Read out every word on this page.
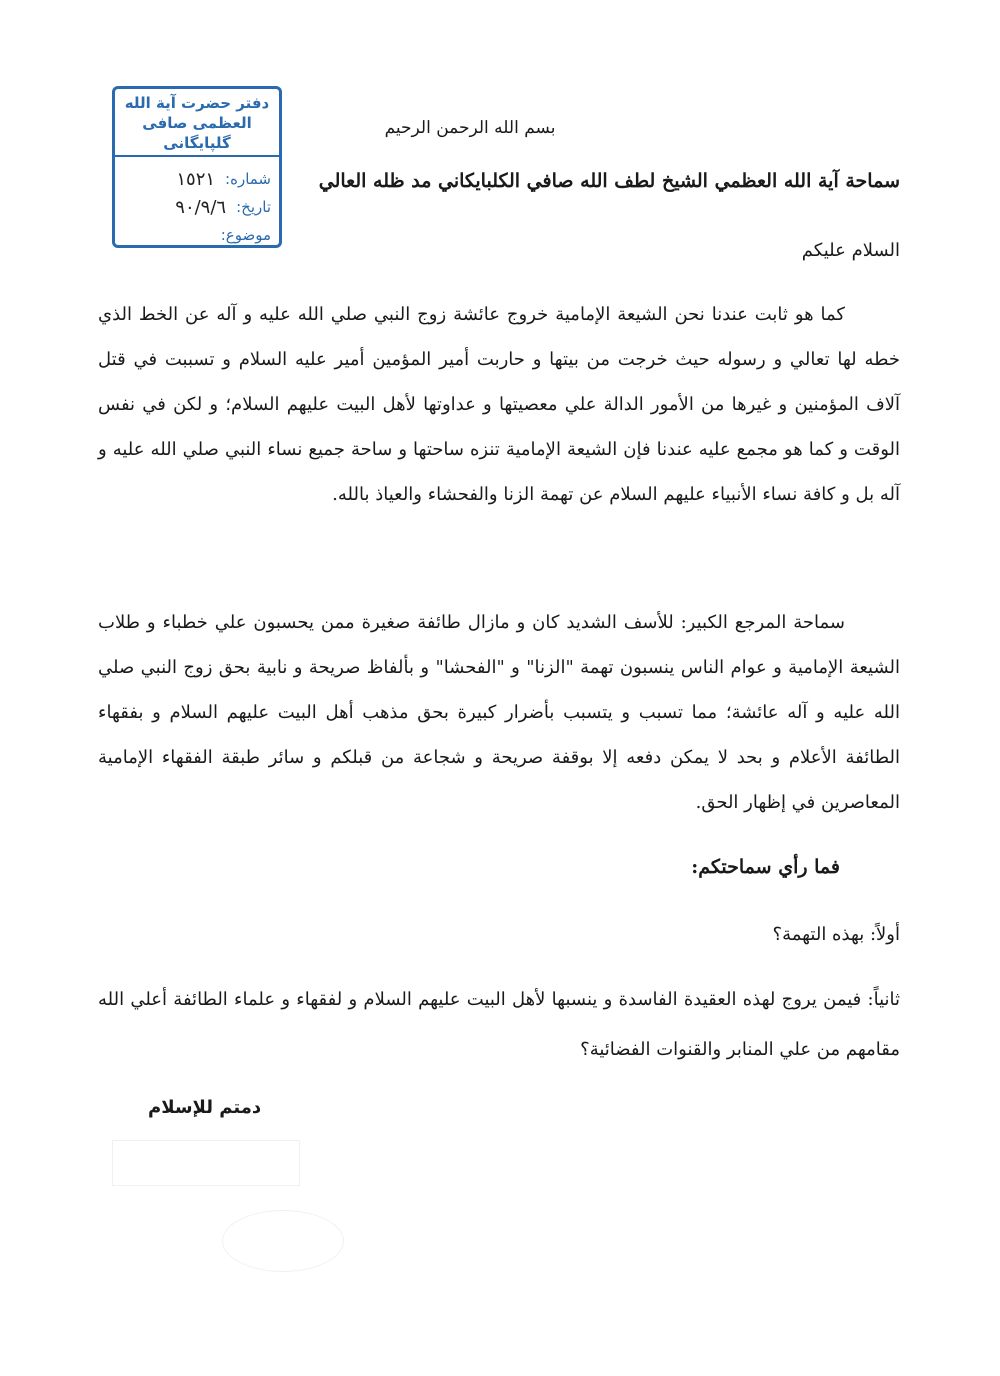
دفتر حضرت آية الله
العظمى صافى گلپايگانى
شماره:
١٥٢١
تاريخ:
٩٠/٩/٦
موضوع:
بسم الله الرحمن الرحيم
سماحة آية الله العظمي الشيخ لطف الله صافي الكلبايكاني مد ظله العالي
السلام عليكم
كما هو ثابت عندنا نحن الشيعة الإمامية خروج عائشة زوج النبي صلي الله عليه و آله عن الخط الذي خطه لها تعالي و رسوله حيث خرجت من بيتها و حاربت أمير المؤمين أمير عليه السلام و تسببت في قتل آلاف المؤمنين و غيرها من الأمور الدالة علي معصيتها و عداوتها لأهل البيت عليهم السلام؛ و لكن في نفس الوقت و كما هو مجمع عليه عندنا فإن الشيعة الإمامية تنزه ساحتها و ساحة جميع نساء النبي صلي الله عليه و آله بل و كافة نساء الأنبياء عليهم السلام عن تهمة الزنا والفحشاء والعياذ بالله.
سماحة المرجع الكبير: للأسف الشديد كان و مازال طائفة صغيرة ممن يحسبون علي خطباء و طلاب الشيعة الإمامية و عوام الناس ينسبون تهمة "الزنا" و "الفحشا" و بألفاظ صريحة و نابية بحق زوج النبي صلي الله عليه و آله عائشة؛ مما تسبب و يتسبب بأضرار كبيرة بحق مذهب أهل البيت عليهم السلام و بفقهاء الطائفة الأعلام و بحد لا يمكن دفعه إلا بوقفة صريحة و شجاعة من قبلكم و سائر طبقة الفقهاء الإمامية المعاصرين في إظهار الحق.
فما رأي سماحتكم:
أولاً: بهذه التهمة؟
ثانياً: فيمن يروج لهذه العقيدة الفاسدة و ينسبها لأهل البيت عليهم السلام و لفقهاء و علماء الطائفة أعلي الله مقامهم من علي المنابر والقنوات الفضائية؟
دمتم للإسلام
